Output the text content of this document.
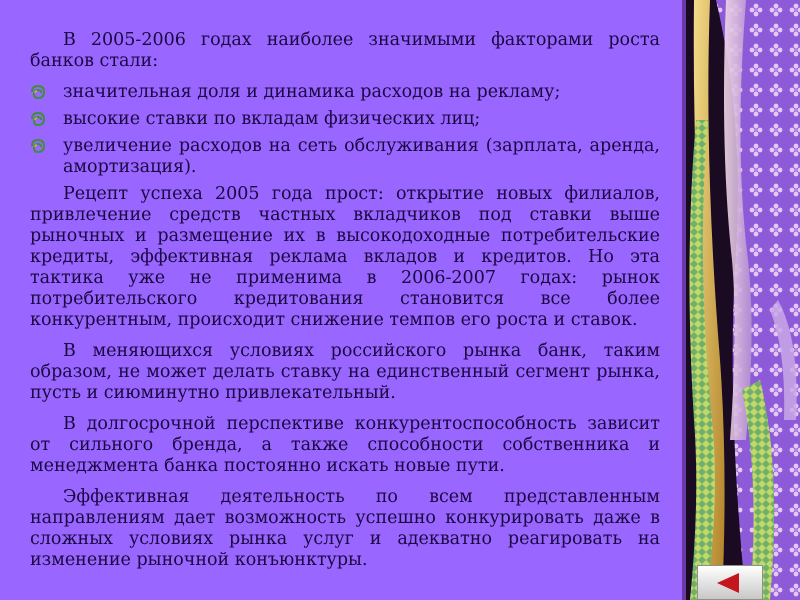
В 2005-2006 годах наиболее значимыми факторами роста банков стали:

значительная доля и динамика расходов на рекламу;
высокие ставки по вкладам физических лиц;
увеличение расходов на сеть обслуживания (зарплата, аренда, амортизация).

Рецепт успеха 2005 года прост: открытие новых филиалов, привлечение средств частных вкладчиков под ставки выше рыночных и размещение их в высокодоходные потребительские кредиты, эффективная реклама вкладов и кредитов. Но эта тактика уже не применима в 2006-2007 годах: рынок потребительского кредитования становится все более конкурентным, происходит снижение темпов его роста и ставок.

В меняющихся условиях российского рынка банк, таким образом, не может делать ставку на единственный сегмент рынка, пусть и сиюминутно привлекательный.

В долгосрочной перспективе конкурентоспособность зависит от сильного бренда, а также способности собственника и менеджмента банка постоянно искать новые пути.

Эффективная деятельность по всем представленным направлениям дает возможность успешно конкурировать даже в сложных условиях рынка услуг и адекватно реагировать на изменение рыночной конъюнктуры.
